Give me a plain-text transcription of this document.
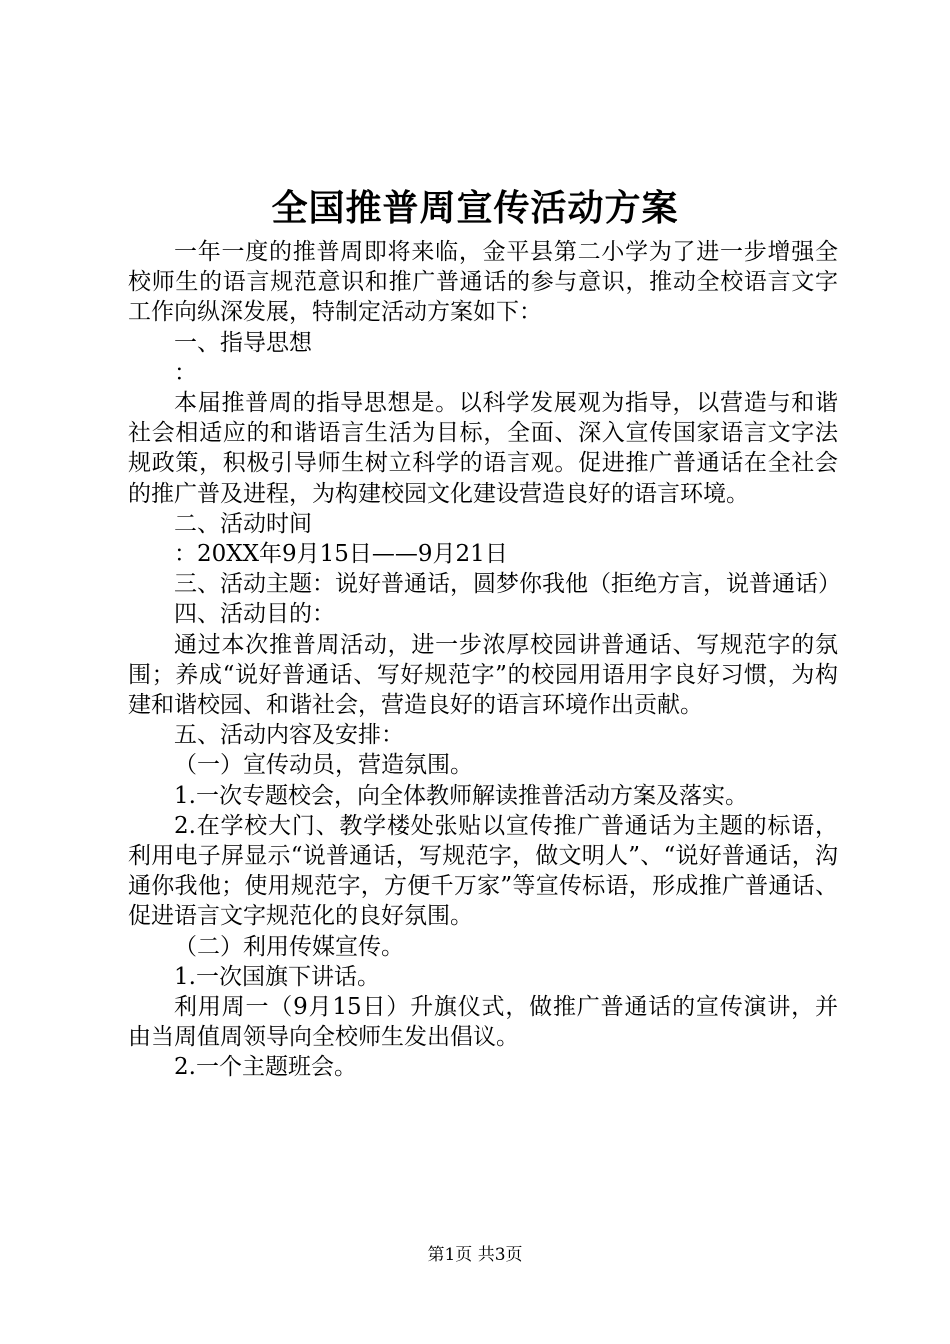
全国推普周宣传活动方案

一年一度的推普周即将来临，金平县第二小学为了进一步增强全校师生的语言规范意识和推广普通话的参与意识，推动全校语言文字工作向纵深发展，特制定活动方案如下：

一、指导思想

：

本届推普周的指导思想是。以科学发展观为指导，以营造与和谐社会相适应的和谐语言生活为目标，全面、深入宣传国家语言文字法规政策，积极引导师生树立科学的语言观。促进推广普通话在全社会的推广普及进程，为构建校园文化建设营造良好的语言环境。

二、活动时间

：20XX年9月15日——9月21日

三、活动主题：说好普通话，圆梦你我他（拒绝方言，说普通话）

四、活动目的：

通过本次推普周活动，进一步浓厚校园讲普通话、写规范字的氛围；养成“说好普通话、写好规范字”的校园用语用字良好习惯，为构建和谐校园、和谐社会，营造良好的语言环境作出贡献。

五、活动内容及安排：

（一）宣传动员，营造氛围。

1.一次专题校会，向全体教师解读推普活动方案及落实。

2.在学校大门、教学楼处张贴以宣传推广普通话为主题的标语，利用电子屏显示“说普通话，写规范字，做文明人”、“说好普通话，沟通你我他；使用规范字，方便千万家”等宣传标语，形成推广普通话、促进语言文字规范化的良好氛围。

（二）利用传媒宣传。

1.一次国旗下讲话。

利用周一（9月15日）升旗仪式，做推广普通话的宣传演讲，并由当周值周领导向全校师生发出倡议。

2.一个主题班会。

第1页 共3页
